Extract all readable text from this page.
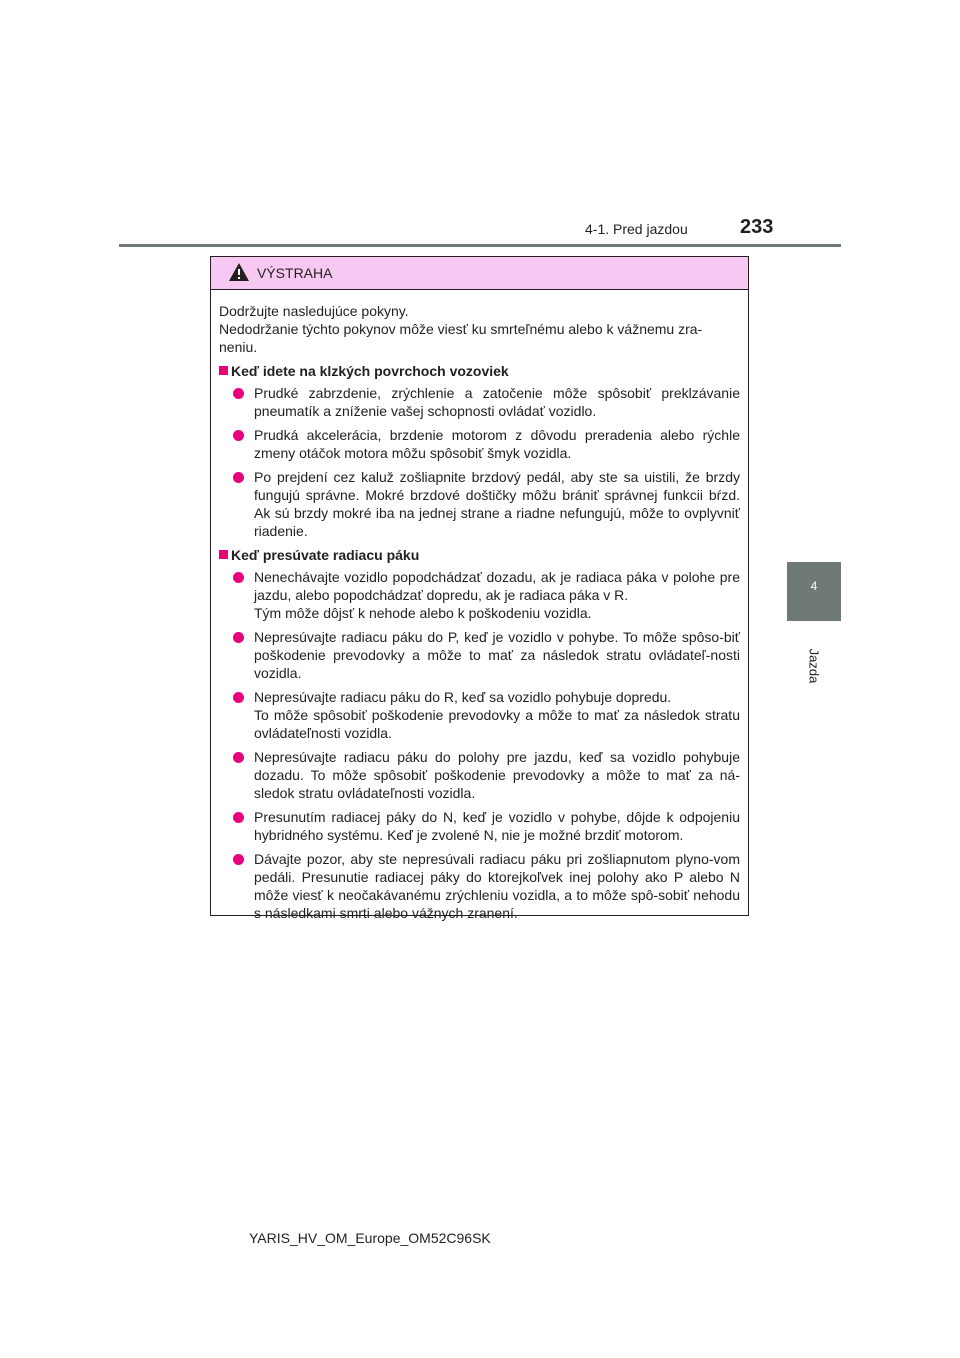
4-1. Pred jazdou	233
4
Jazda
VÝSTRAHA

Dodržujte nasledujúce pokyny.
Nedodržanie týchto pokynov môže viesť ku smrteľnému alebo k vážnemu zra-
neniu.

Keď idete na klzkých povrchoch vozoviek
Prudké zabrzdenie, zrýchlenie a zatočenie môže spôsobiť preklzávanie pneumatík a zníženie vašej schopnosti ovládať vozidlo.
Prudká akcelerácia, brzdenie motorom z dôvodu preradenia alebo rýchle zmeny otáčok motora môžu spôsobiť šmyk vozidla.
Po prejdení cez kaluž zošliapnite brzdový pedál, aby ste sa uistili, že brzdy fungujú správne. Mokré brzdové doštičky môžu brániť správnej funkcii bŕzd. Ak sú brzdy mokré iba na jednej strane a riadne nefungujú, môže to ovplyvniť riadenie.
Keď presúvate radiacu páku
Nenechávajte vozidlo popodchádzať dozadu, ak je radiaca páka v polohe pre jazdu, alebo popodchádzať dopredu, ak je radiaca páka v R.
Tým môže dôjsť k nehode alebo k poškodeniu vozidla.
Nepresúvajte radiacu páku do P, keď je vozidlo v pohybe. To môže spôso-biť poškodenie prevodovky a môže to mať za následok stratu ovládateľ-nosti vozidla.
Nepresúvajte radiacu páku do R, keď sa vozidlo pohybuje dopredu.
To môže spôsobiť poškodenie prevodovky a môže to mať za následok stratu ovládateľnosti vozidla.
Nepresúvajte radiacu páku do polohy pre jazdu, keď sa vozidlo pohybuje dozadu. To môže spôsobiť poškodenie prevodovky a môže to mať za ná-sledok stratu ovládateľnosti vozidla.
Presunutím radiacej páky do N, keď je vozidlo v pohybe, dôjde k odpojeniu hybridného systému. Keď je zvolené N, nie je možné brzdiť motorom.
Dávajte pozor, aby ste nepresúvali radiacu páku pri zošliapnutom plyno-vom pedáli. Presunutie radiacej páky do ktorejkoľvek inej polohy ako P alebo N môže viesť k neočakávanému zrýchleniu vozidla, a to môže spô-sobiť nehodu s následkami smrti alebo vážnych zranení.
YARIS_HV_OM_Europe_OM52C96SK
